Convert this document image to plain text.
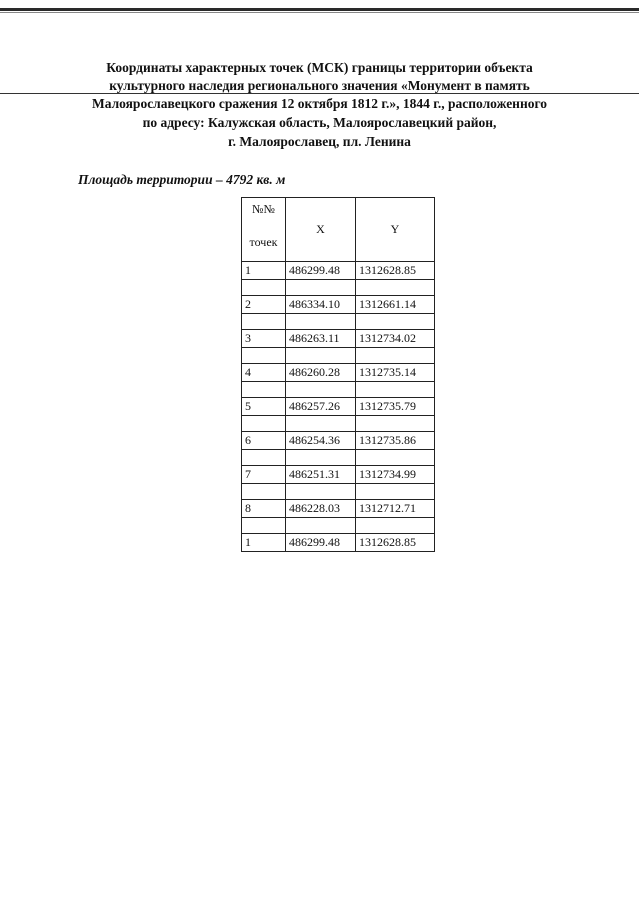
Координаты характерных точек (МСК) границы территории объекта
культурного наследия регионального значения «Монумент в память
Малоярославецкого сражения 12 октября 1812 г.», 1844 г., расположенного
по адресу: Калужская область, Малоярославецкий район,
г. Малоярославец, пл. Ленина
Площадь территории – 4792 кв. м
№№
точек	X	Y
1	486299.48	1312628.85

2	486334.10	1312661.14

3	486263.11	1312734.02

4	486260.28	1312735.14

5	486257.26	1312735.79

6	486254.36	1312735.86

7	486251.31	1312734.99

8	486228.03	1312712.71

1	486299.48	1312628.85
